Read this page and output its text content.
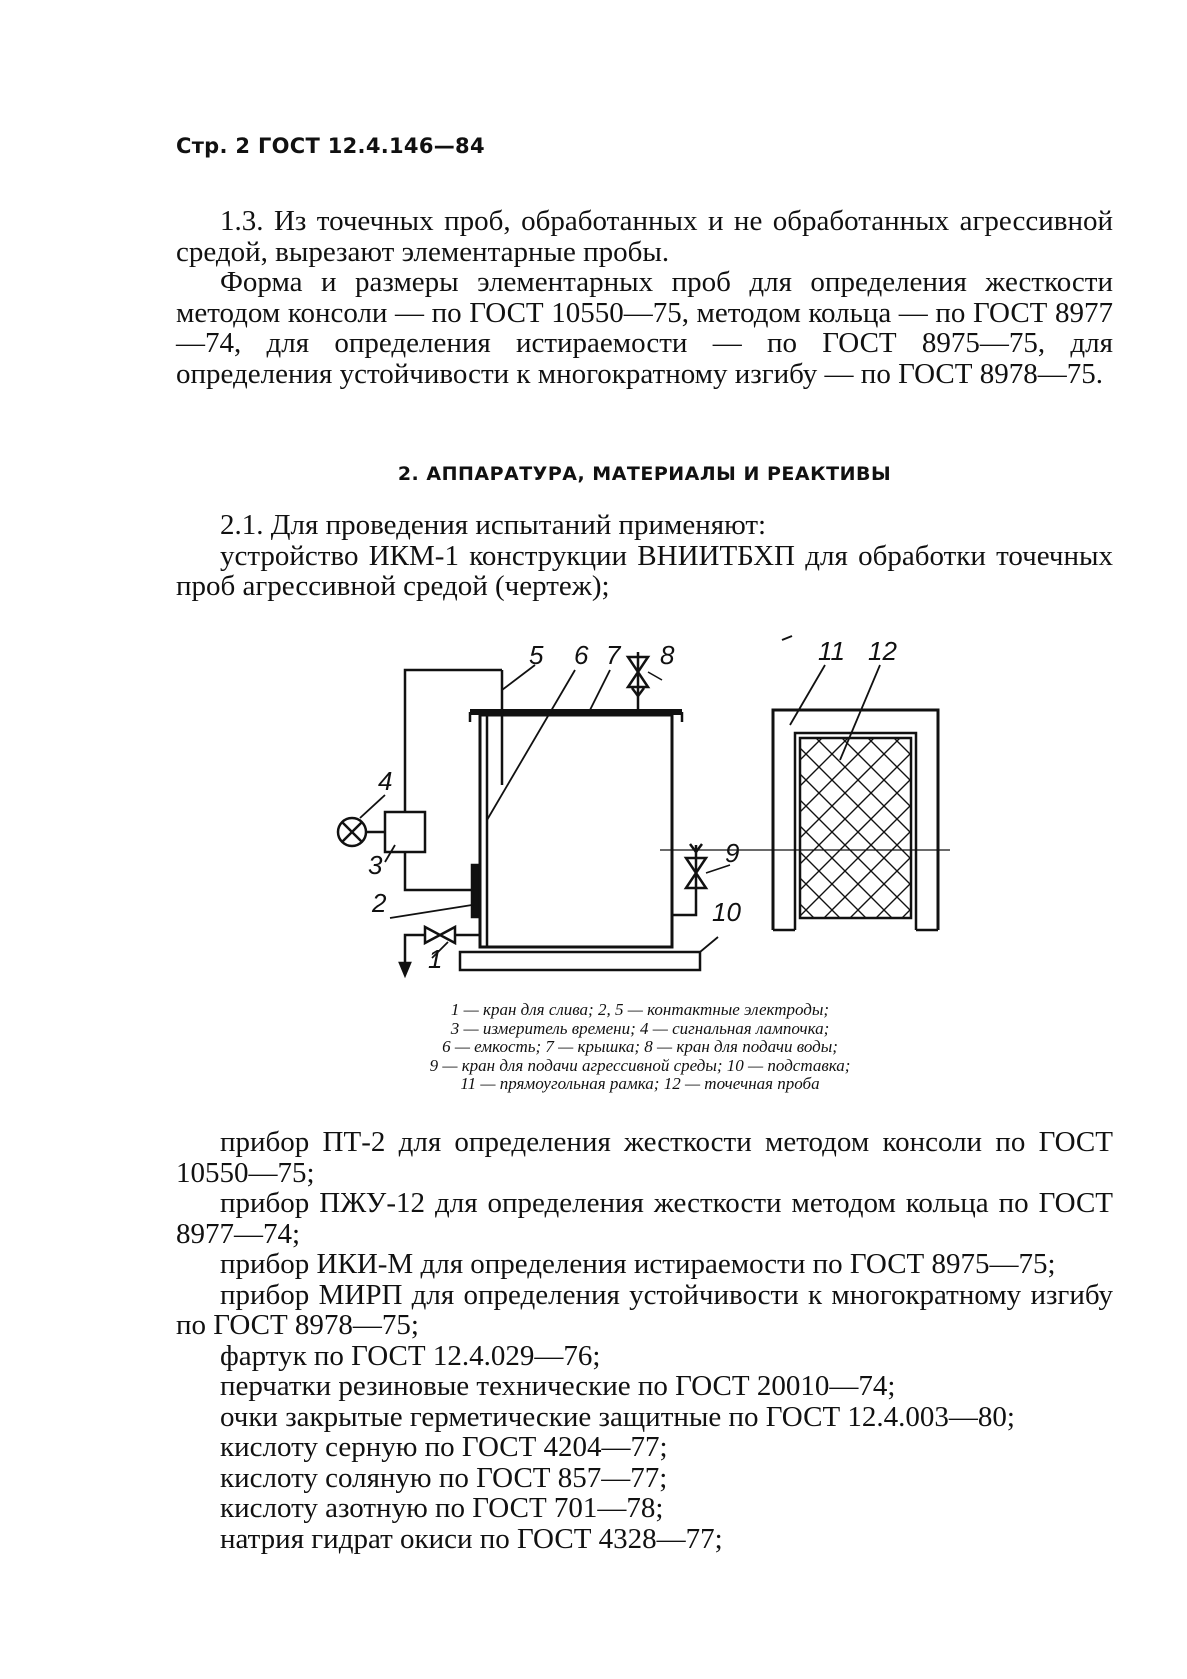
Стр. 2 ГОСТ 12.4.146—84

1.3. Из точечных проб, обработанных и не обработанных агрессивной средой, вырезают элементарные пробы.

Форма и размеры элементарных проб для определения жесткости методом консоли — по ГОСТ 10550—75, методом кольца — по ГОСТ 8977—74, для определения истираемости — по ГОСТ 8975—75, для определения устойчивости к многократному изгибу — по ГОСТ 8978—75.

2. АППАРАТУРА, МАТЕРИАЛЫ И РЕАКТИВЫ

2.1. Для проведения испытаний применяют:

устройство ИКМ-1 конструкции ВНИИТБХП для обработки точечных проб агрессивной средой (чертеж);

5 6 7 8
4
3
2
1
9
10
11 12
1 — кран для слива; 2, 5 — контактные электроды;
3 — измеритель времени; 4 — сигнальная лампочка;
6 — емкость; 7 — крышка; 8 — кран для подачи воды;
9 — кран для подачи агрессивной среды; 10 — подставка;
11 — прямоугольная рамка; 12 — точечная проба

прибор ПТ-2 для определения жесткости методом консоли по ГОСТ 10550—75;

прибор ПЖУ-12 для определения жесткости методом кольца по ГОСТ 8977—74;

прибор ИКИ-М для определения истираемости по ГОСТ 8975—75;

прибор МИРП для определения устойчивости к многократному изгибу по ГОСТ 8978—75;

фартук по ГОСТ 12.4.029—76;

перчатки резиновые технические по ГОСТ 20010—74;

очки закрытые герметические защитные по ГОСТ 12.4.003—80;

кислоту серную по ГОСТ 4204—77;

кислоту соляную по ГОСТ 857—77;

кислоту азотную по ГОСТ 701—78;

натрия гидрат окиси по ГОСТ 4328—77;
